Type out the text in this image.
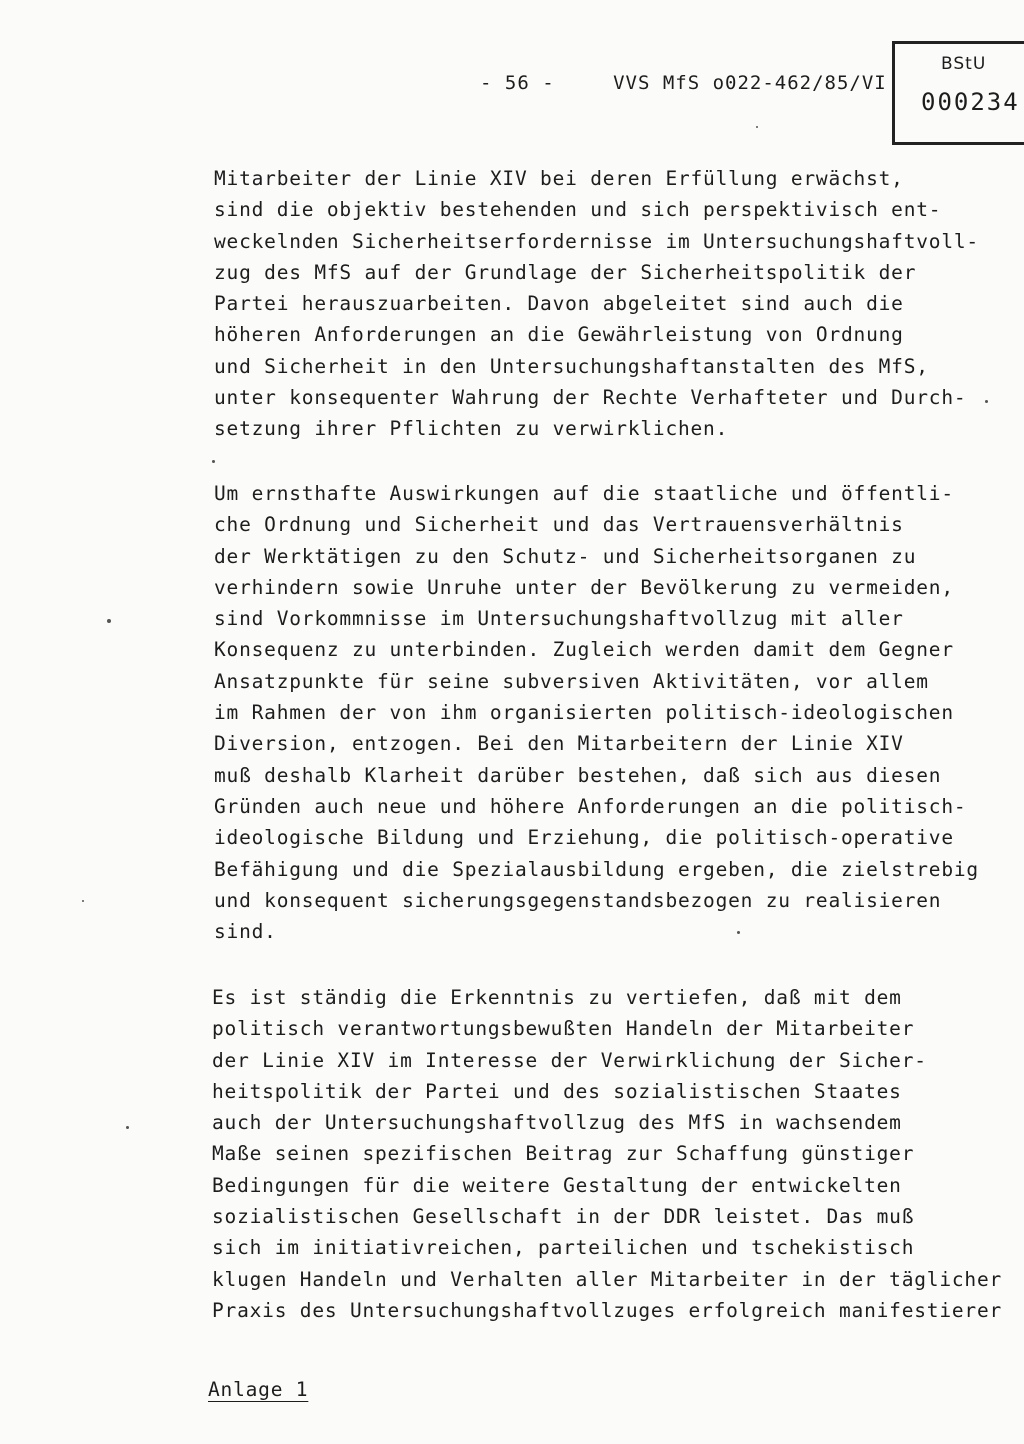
- 56 -	VVS MfS o022-462/85/VI
BStU
000234
Mitarbeiter der Linie XIV bei deren Erfüllung erwächst,
sind die objektiv bestehenden und sich perspektivisch ent-
weckelnden Sicherheitserfordernisse im Untersuchungshaftvoll-
zug des MfS auf der Grundlage der Sicherheitspolitik der
Partei herauszuarbeiten. Davon abgeleitet sind auch die
höheren Anforderungen an die Gewährleistung von Ordnung
und Sicherheit in den Untersuchungshaftanstalten des MfS,
unter konsequenter Wahrung der Rechte Verhafteter und Durch-
setzung ihrer Pflichten zu verwirklichen.
Um ernsthafte Auswirkungen auf die staatliche und öffentli-
che Ordnung und Sicherheit und das Vertrauensverhältnis
der Werktätigen zu den Schutz- und Sicherheitsorganen zu
verhindern sowie Unruhe unter der Bevölkerung zu vermeiden,
sind Vorkommnisse im Untersuchungshaftvollzug mit aller
Konsequenz zu unterbinden. Zugleich werden damit dem Gegner
Ansatzpunkte für seine subversiven Aktivitäten, vor allem
im Rahmen der von ihm organisierten politisch-ideologischen
Diversion, entzogen. Bei den Mitarbeitern der Linie XIV
muß deshalb Klarheit darüber bestehen, daß sich aus diesen
Gründen auch neue und höhere Anforderungen an die politisch-
ideologische Bildung und Erziehung, die politisch-operative
Befähigung und die Spezialausbildung ergeben, die zielstrebig
und konsequent sicherungsgegenstandsbezogen zu realisieren
sind.
Es ist ständig die Erkenntnis zu vertiefen, daß mit dem
politisch verantwortungsbewußten Handeln der Mitarbeiter
der Linie XIV im Interesse der Verwirklichung der Sicher-
heitspolitik der Partei und des sozialistischen Staates
auch der Untersuchungshaftvollzug des MfS in wachsendem
Maße seinen spezifischen Beitrag zur Schaffung günstiger
Bedingungen für die weitere Gestaltung der entwickelten
sozialistischen Gesellschaft in der DDR leistet. Das muß
sich im initiativreichen, parteilichen und tschekistisch
klugen Handeln und Verhalten aller Mitarbeiter in der täglicher
Praxis des Untersuchungshaftvollzuges erfolgreich manifestierer
Anlage 1
